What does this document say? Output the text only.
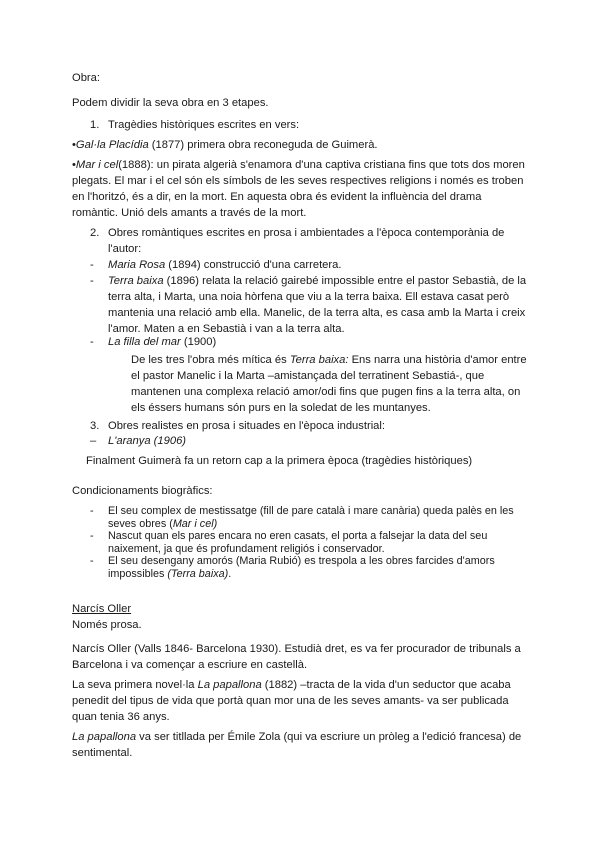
Obra:
Podem dividir la seva obra en 3 etapes.
1. Tragèdies històriques escrites en vers:
•Gal·la Placídia (1877) primera obra reconeguda de Guimerà.
•Mar i cel(1888): un pirata algerià s'enamora d'una captiva cristiana fins que tots dos moren
plegats. El mar i el cel són els símbols de les seves respectives religions i només es troben
en l'horitzó, és a dir, en la mort. En aquesta obra és evident la influència del drama
romàntic. Unió dels amants a través de la mort.
2. Obres romàntiques escrites en prosa i ambientades a l'època contemporània de
l'autor:
- Maria Rosa (1894) construcció d'una carretera.
- Terra baixa (1896) relata la relació gairebé impossible entre el pastor Sebastià, de la
terra alta, i Marta, una noia hòrfena que viu a la terra baixa. Ell estava casat però
mantenia una relació amb ella. Manelic, de la terra alta, es casa amb la Marta i creix
l'amor. Maten a en Sebastià i van a la terra alta.
- La filla del mar (1900)
De les tres l'obra més mítica és Terra baixa: Ens narra una història d'amor entre
el pastor Manelic i la Marta –amistançada del terratinent Sebastiá-, que
mantenen una complexa relació amor/odi fins que pugen fins a la terra alta, on
els éssers humans són purs en la soledat de les muntanyes.
3. Obres realistes en prosa i situades en l'època industrial:
– L'aranya (1906)
Finalment Guimerà fa un retorn cap a la primera època (tragèdies històriques)
Condicionaments biogràfics:
- El seu complex de mestissatge (fill de pare català i mare canària) queda palès en les
seves obres (Mar i cel)
- Nascut quan els pares encara no eren casats, el porta a falsejar la data del seu
naixement, ja que és profundament religiós i conservador.
- El seu desengany amorós (Maria Rubió) es trespola a les obres farcides d'amors
impossibles (Terra baixa).
Narcís Oller
Només prosa.
Narcís Oller (Valls 1846- Barcelona 1930). Estudià dret, es va fer procurador de tribunals a
Barcelona i va començar a escriure en castellà.
La seva primera novel·la La papallona (1882) –tracta de la vida d'un seductor que acaba
penedit del tipus de vida que portà quan mor una de les seves amants- va ser publicada
quan tenia 36 anys.
La papallona va ser titllada per Émile Zola (qui va escriure un pròleg a l'edició francesa) de
sentimental.
